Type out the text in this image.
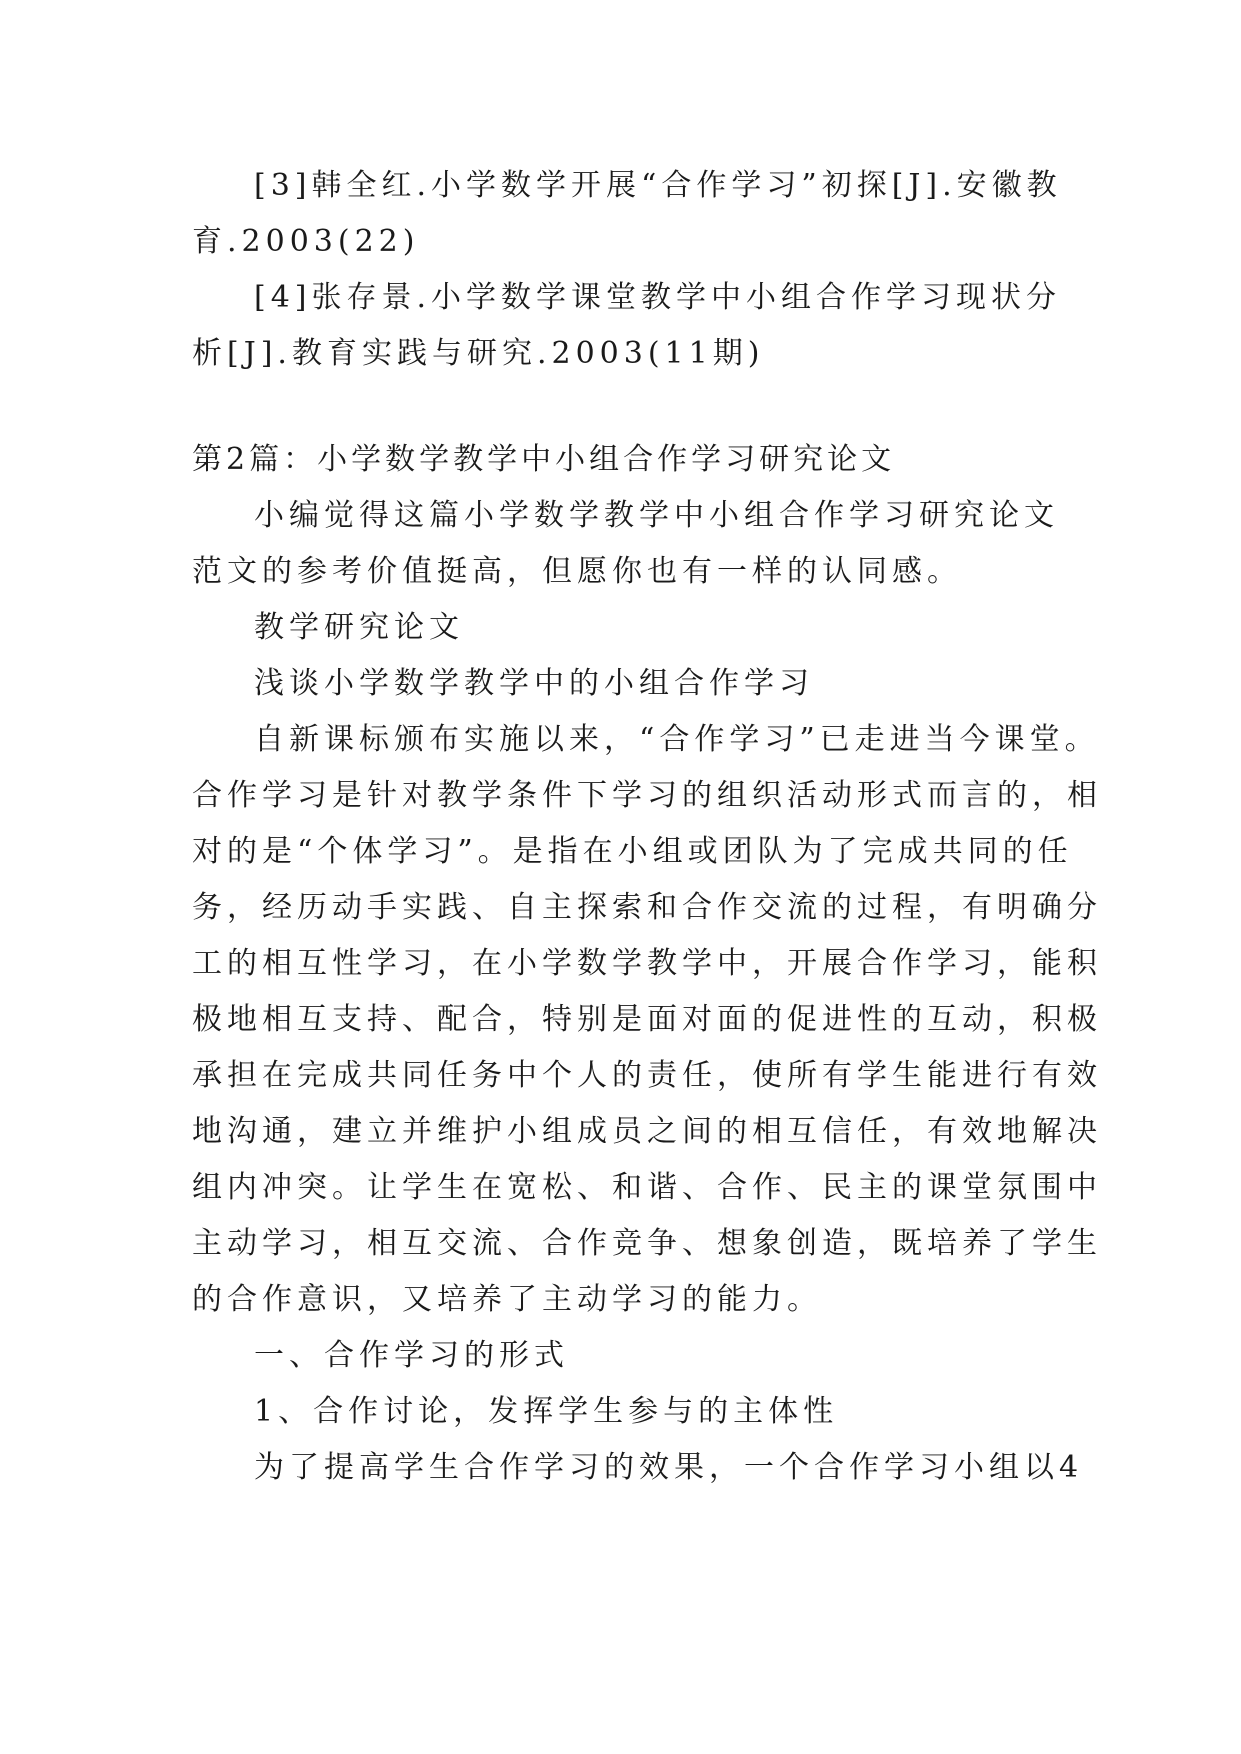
[3]韩全红.小学数学开展“合作学习”初探[J].安徽教
育.2003(22)
[4]张存景.小学数学课堂教学中小组合作学习现状分
析[J].教育实践与研究.2003(11期)
第2篇：小学数学教学中小组合作学习研究论文
小编觉得这篇小学数学教学中小组合作学习研究论文
范文的参考价值挺高，但愿你也有一样的认同感。
教学研究论文
浅谈小学数学教学中的小组合作学习
自新课标颁布实施以来，“合作学习”已走进当今课堂。
合作学习是针对教学条件下学习的组织活动形式而言的，相
对的是“个体学习”。是指在小组或团队为了完成共同的任
务，经历动手实践、自主探索和合作交流的过程，有明确分
工的相互性学习，在小学数学教学中，开展合作学习，能积
极地相互支持、配合，特别是面对面的促进性的互动，积极
承担在完成共同任务中个人的责任，使所有学生能进行有效
地沟通，建立并维护小组成员之间的相互信任，有效地解决
组内冲突。让学生在宽松、和谐、合作、民主的课堂氛围中
主动学习，相互交流、合作竞争、想象创造，既培养了学生
的合作意识，又培养了主动学习的能力。
一、合作学习的形式
1、合作讨论，发挥学生参与的主体性
为了提高学生合作学习的效果，一个合作学习小组以4
